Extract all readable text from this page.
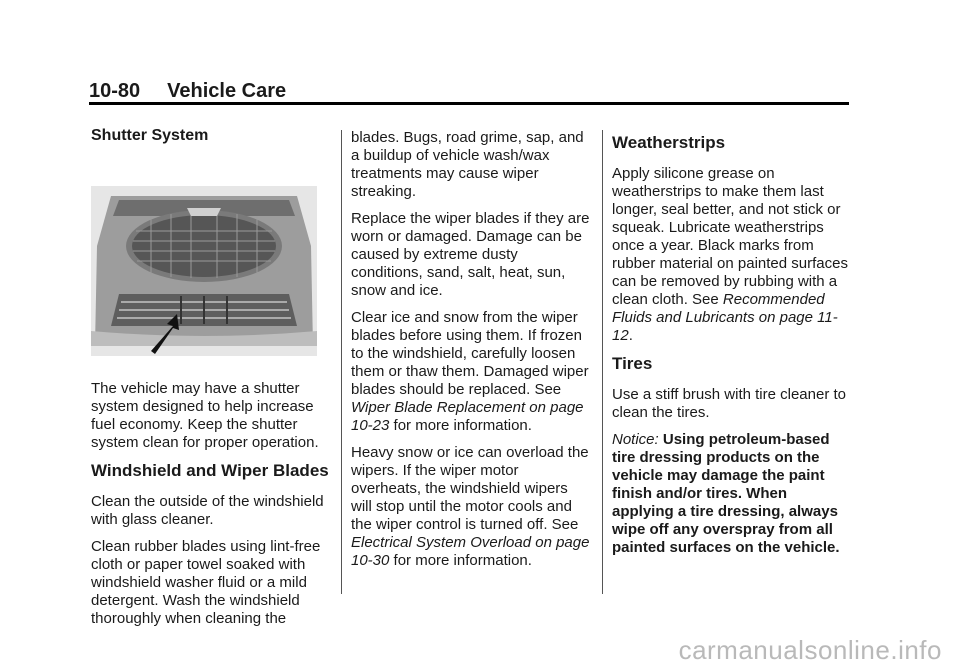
10-80 Vehicle Care
Shutter System

The vehicle may have a shutter system designed to help increase fuel economy. Keep the shutter system clean for proper operation.

Windshield and Wiper Blades

Clean the outside of the windshield with glass cleaner.

Clean rubber blades using lint-free cloth or paper towel soaked with windshield washer fluid or a mild detergent. Wash the windshield thoroughly when cleaning the

blades. Bugs, road grime, sap, and a buildup of vehicle wash/wax treatments may cause wiper streaking.

Replace the wiper blades if they are worn or damaged. Damage can be caused by extreme dusty conditions, sand, salt, heat, sun, snow and ice.

Clear ice and snow from the wiper blades before using them. If frozen to the windshield, carefully loosen them or thaw them. Damaged wiper blades should be replaced. See Wiper Blade Replacement on page 10-23 for more information.

Heavy snow or ice can overload the wipers. If the wiper motor overheats, the windshield wipers will stop until the motor cools and the wiper control is turned off. See Electrical System Overload on page 10-30 for more information.

Weatherstrips

Apply silicone grease on weatherstrips to make them last longer, seal better, and not stick or squeak. Lubricate weatherstrips once a year. Black marks from rubber material on painted surfaces can be removed by rubbing with a clean cloth. See Recommended Fluids and Lubricants on page 11-12.

Tires

Use a stiff brush with tire cleaner to clean the tires.

Notice: Using petroleum-based tire dressing products on the vehicle may damage the paint finish and/or tires. When applying a tire dressing, always wipe off any overspray from all painted surfaces on the vehicle.

carmanualsonline.info
